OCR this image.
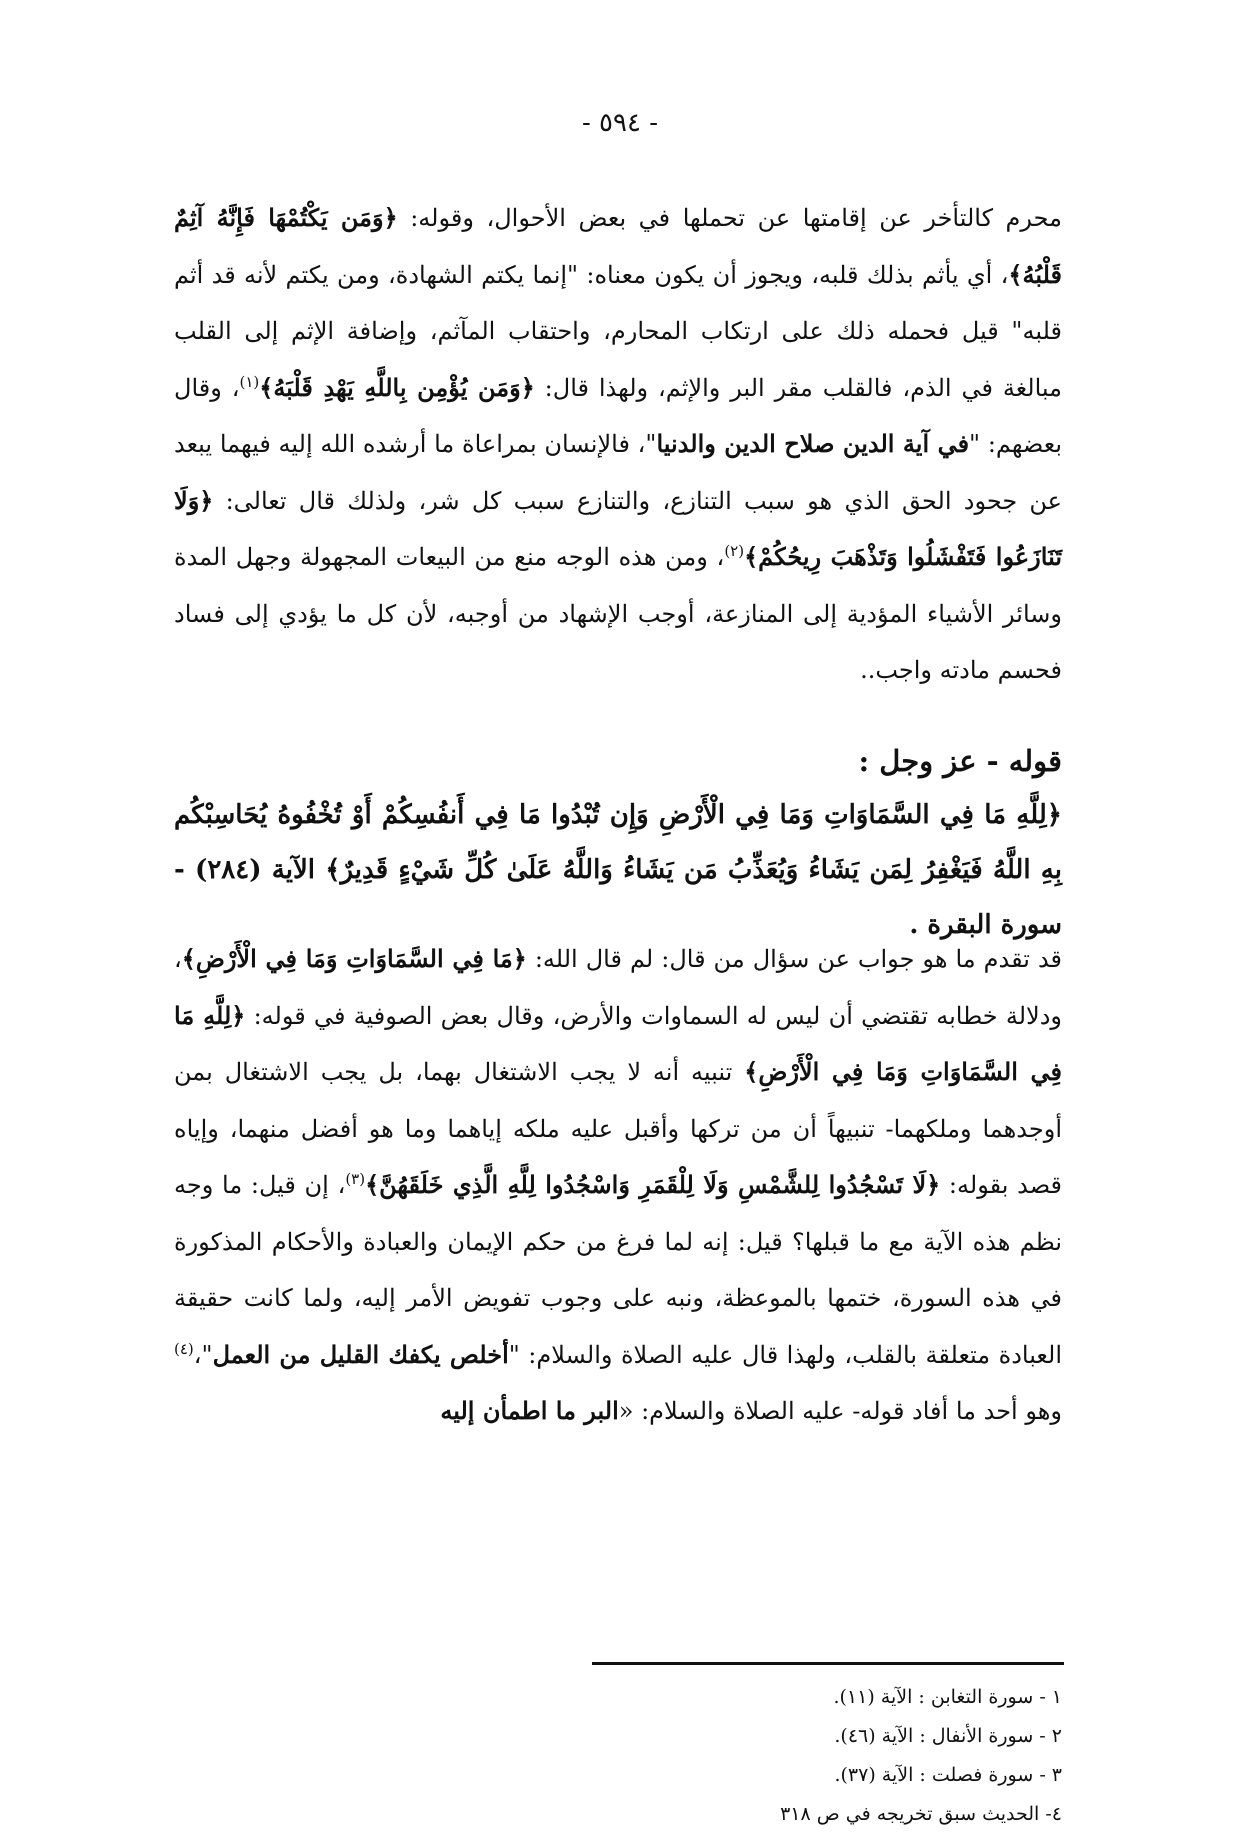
- ٥٩٤ -
محرم كالتأخر عن إقامتها عن تحملها في بعض الأحوال، وقوله: ﴿وَمَن يَكْتُمْهَا فَإِنَّهُ آثِمٌ قَلْبُهُ﴾، أي يأثم بذلك قلبه، ويجوز أن يكون معناه: "إنما يكتم الشهادة، ومن يكتم لأنه قد أثم قلبه" قيل فحمله ذلك على ارتكاب المحارم، واحتقاب المآثم، وإضافة الإثم إلى القلب مبالغة في الذم، فالقلب مقر البر والإثم، ولهذا قال: ﴿وَمَن يُؤْمِن بِاللَّهِ يَهْدِ قَلْبَهُ﴾$^{(١)}$، وقال بعضهم: "في آية الدين صلاح الدين والدنيا"، فالإنسان بمراعاة ما أرشده الله إليه فيهما يبعد عن جحود الحق الذي هو سبب التنازع، والتنازع سبب كل شر، ولذلك قال تعالى: ﴿وَلَا تَنَازَعُوا فَتَفْشَلُوا وَتَذْهَبَ رِيحُكُمْ﴾$^{(٢)}$، ومن هذه الوجه منع من البيعات المجهولة وجهل المدة وسائر الأشياء المؤدية إلى المنازعة، أوجب الإشهاد من أوجبه، لأن كل ما يؤدي إلى فساد فحسم مادته واجب..
قوله - عز وجل :
﴿لِلَّهِ مَا فِي السَّمَاوَاتِ وَمَا فِي الْأَرْضِ وَإِن تُبْدُوا مَا فِي أَنفُسِكُمْ أَوْ تُخْفُوهُ يُحَاسِبْكُم بِهِ اللَّهُ فَيَغْفِرُ لِمَن يَشَاءُ وَيُعَذِّبُ مَن يَشَاءُ وَاللَّهُ عَلَىٰ كُلِّ شَيْءٍ قَدِيرٌ﴾ الآية (٢٨٤) - سورة البقرة .
قد تقدم ما هو جواب عن سؤال من قال: لم قال الله: ﴿مَا فِي السَّمَاوَاتِ وَمَا فِي الْأَرْضِ﴾، ودلالة خطابه تقتضي أن ليس له السماوات والأرض، وقال بعض الصوفية في قوله: ﴿لِلَّهِ مَا فِي السَّمَاوَاتِ وَمَا فِي الْأَرْضِ﴾ تنبيه أنه لا يجب الاشتغال بهما، بل يجب الاشتغال بمن أوجدهما وملكهما- تنبيهاً أن من تركها وأقبل عليه ملكه إياهما وما هو أفضل منهما، وإياه قصد بقوله: ﴿لَا تَسْجُدُوا لِلشَّمْسِ وَلَا لِلْقَمَرِ وَاسْجُدُوا لِلَّهِ الَّذِي خَلَقَهُنَّ﴾$^{(٣)}$، إن قيل: ما وجه نظم هذه الآية مع ما قبلها؟ قيل: إنه لما فرغ من حكم الإيمان والعبادة والأحكام المذكورة في هذه السورة، ختمها بالموعظة، ونبه على وجوب تفويض الأمر إليه، ولما كانت حقيقة العبادة متعلقة بالقلب، ولهذا قال عليه الصلاة والسلام: "أخلص يكفك القليل من العمل"،$^{(٤)}$ وهو أحد ما أفاد قوله- عليه الصلاة والسلام: «البر ما اطمأن إليه
١ - سورة التغابن : الآية (١١).
٢ - سورة الأنفال : الآية (٤٦).
٣ - سورة فصلت : الآية (٣٧).
٤- الحديث سبق تخريجه في ص ٣١٨
